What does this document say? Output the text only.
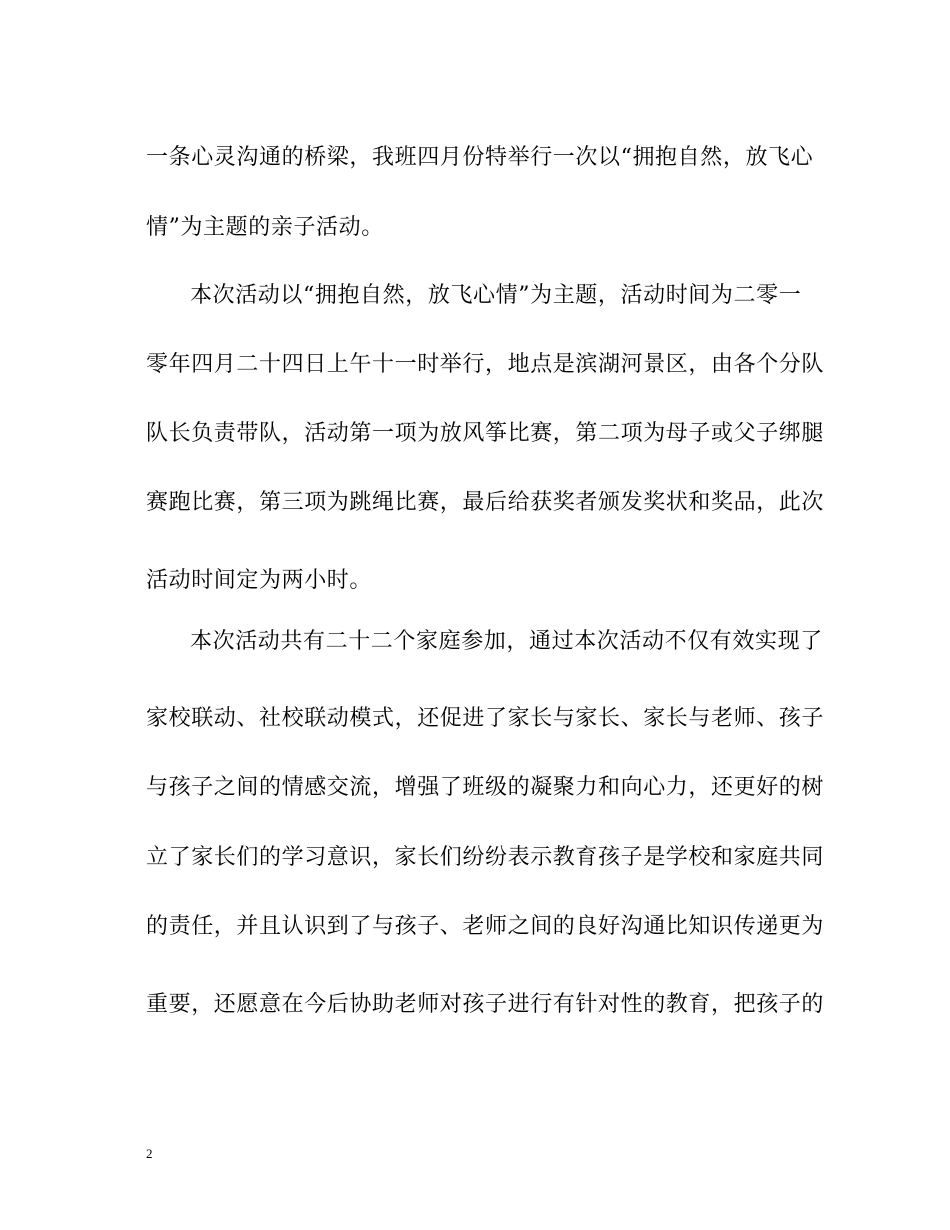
一条心灵沟通的桥梁，我班四月份特举行一次以“拥抱自然，放飞心
情”为主题的亲子活动。
本次活动以“拥抱自然，放飞心情”为主题，活动时间为二零一
零年四月二十四日上午十一时举行，地点是滨湖河景区，由各个分队
队长负责带队，活动第一项为放风筝比赛，第二项为母子或父子绑腿
赛跑比赛，第三项为跳绳比赛，最后给获奖者颁发奖状和奖品，此次
活动时间定为两小时。
本次活动共有二十二个家庭参加，通过本次活动不仅有效实现了
家校联动、社校联动模式，还促进了家长与家长、家长与老师、孩子
与孩子之间的情感交流，增强了班级的凝聚力和向心力，还更好的树
立了家长们的学习意识，家长们纷纷表示教育孩子是学校和家庭共同
的责任，并且认识到了与孩子、老师之间的良好沟通比知识传递更为
重要，还愿意在今后协助老师对孩子进行有针对性的教育，把孩子的
2
